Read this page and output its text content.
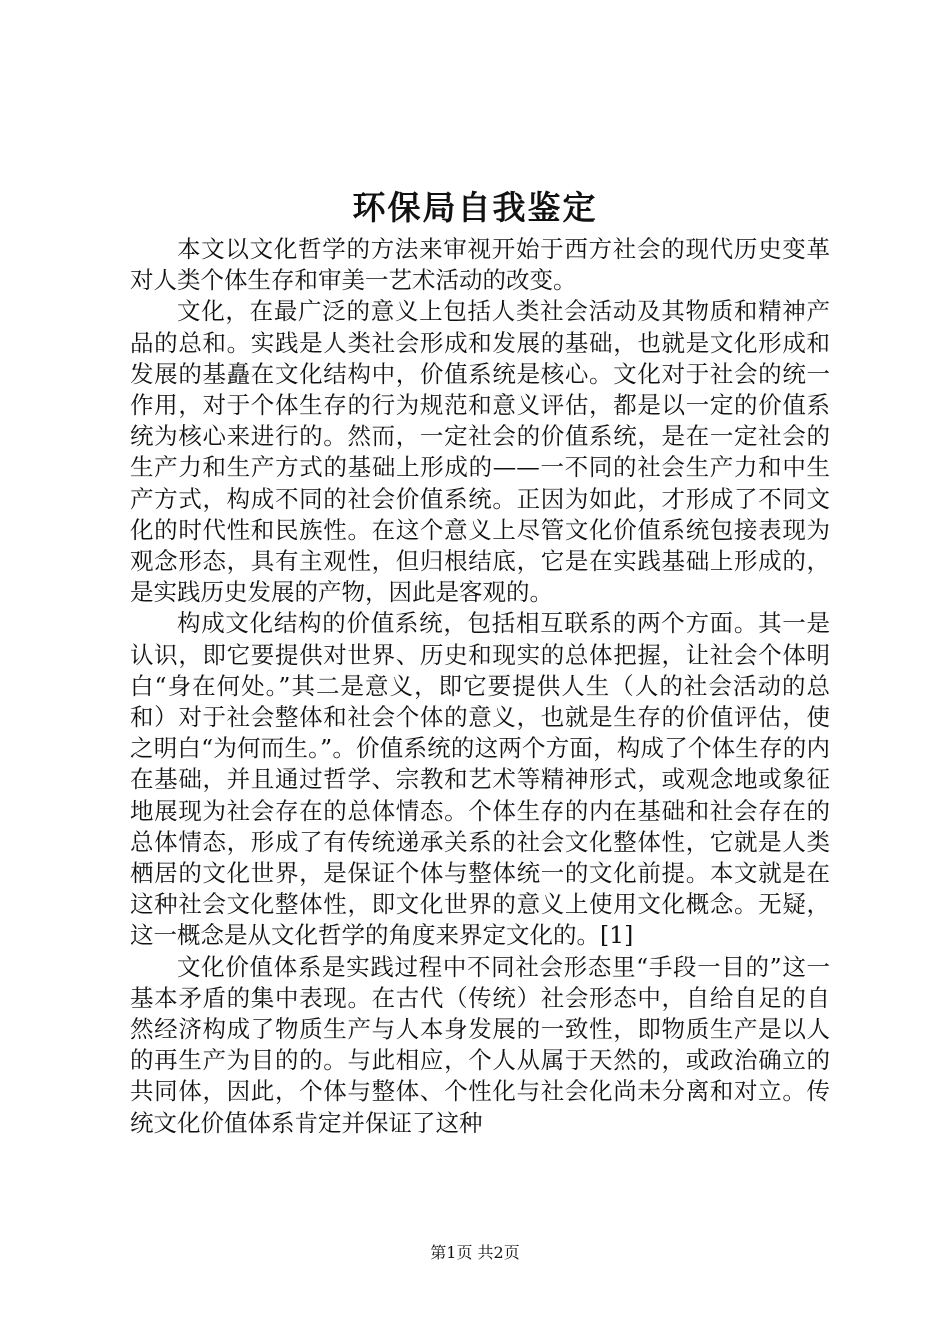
环保局自我鉴定

本文以文化哲学的方法来审视开始于西方社会的现代历史变革对人类个体生存和审美一艺术活动的改变。

文化，在最广泛的意义上包括人类社会活动及其物质和精神产品的总和。实践是人类社会形成和发展的基础，也就是文化形成和发展的基矗在文化结构中，价值系统是核心。文化对于社会的统一作用，对于个体生存的行为规范和意义评估，都是以一定的价值系统为核心来进行的。然而，一定社会的价值系统，是在一定社会的生产力和生产方式的基础上形成的——一不同的社会生产力和中生产方式，构成不同的社会价值系统。正因为如此，才形成了不同文化的时代性和民族性。在这个意义上尽管文化价值系统包接表现为观念形态，具有主观性，但归根结底，它是在实践基础上形成的，是实践历史发展的产物，因此是客观的。

构成文化结构的价值系统，包括相互联系的两个方面。其一是认识，即它要提供对世界、历史和现实的总体把握，让社会个体明白“身在何处。”其二是意义，即它要提供人生（人的社会活动的总和）对于社会整体和社会个体的意义，也就是生存的价值评估，使之明白“为何而生。”。价值系统的这两个方面，构成了个体生存的内在基础，并且通过哲学、宗教和艺术等精神形式，或观念地或象征地展现为社会存在的总体情态。个体生存的内在基础和社会存在的总体情态，形成了有传统递承关系的社会文化整体性，它就是人类栖居的文化世界，是保证个体与整体统一的文化前提。本文就是在这种社会文化整体性，即文化世界的意义上使用文化概念。无疑，这一概念是从文化哲学的角度来界定文化的。[1]

文化价值体系是实践过程中不同社会形态里“手段一目的”这一基本矛盾的集中表现。在古代（传统）社会形态中，自给自足的自然经济构成了物质生产与人本身发展的一致性，即物质生产是以人的再生产为目的的。与此相应，个人从属于天然的，或政治确立的共同体，因此，个体与整体、个性化与社会化尚未分离和对立。传统文化价值体系肯定并保证了这种

第1页 共2页
